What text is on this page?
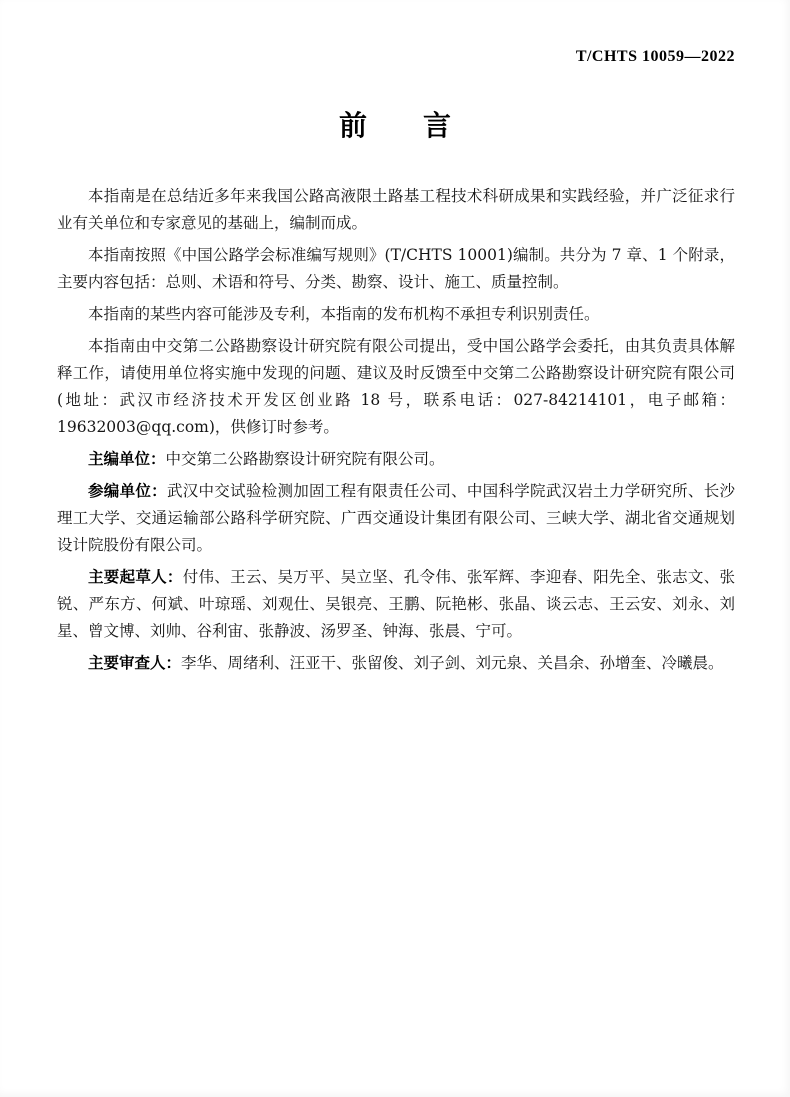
T/CHTS 10059—2022
前　　言

本指南是在总结近多年来我国公路高液限土路基工程技术科研成果和实践经验，并广泛征求行业有关单位和专家意见的基础上，编制而成。

本指南按照《中国公路学会标准编写规则》(T/CHTS 10001)编制。共分为 7 章、1 个附录，主要内容包括：总则、术语和符号、分类、勘察、设计、施工、质量控制。

本指南的某些内容可能涉及专利，本指南的发布机构不承担专利识别责任。

本指南由中交第二公路勘察设计研究院有限公司提出，受中国公路学会委托，由其负责具体解释工作，请使用单位将实施中发现的问题、建议及时反馈至中交第二公路勘察设计研究院有限公司(地址：武汉市经济技术开发区创业路 18 号，联系电话：027-84214101，电子邮箱：19632003@qq.com)，供修订时参考。

主编单位：中交第二公路勘察设计研究院有限公司。

参编单位：武汉中交试验检测加固工程有限责任公司、中国科学院武汉岩土力学研究所、长沙理工大学、交通运输部公路科学研究院、广西交通设计集团有限公司、三峡大学、湖北省交通规划设计院股份有限公司。

主要起草人：付伟、王云、吴万平、吴立坚、孔令伟、张军辉、李迎春、阳先全、张志文、张锐、严东方、何斌、叶琼瑶、刘观仕、吴银亮、王鹏、阮艳彬、张晶、谈云志、王云安、刘永、刘星、曾文博、刘帅、谷利宙、张静波、汤罗圣、钟海、张晨、宁可。

主要审查人：李华、周绪利、汪亚干、张留俊、刘子剑、刘元泉、关昌余、孙增奎、冷曦晨。
